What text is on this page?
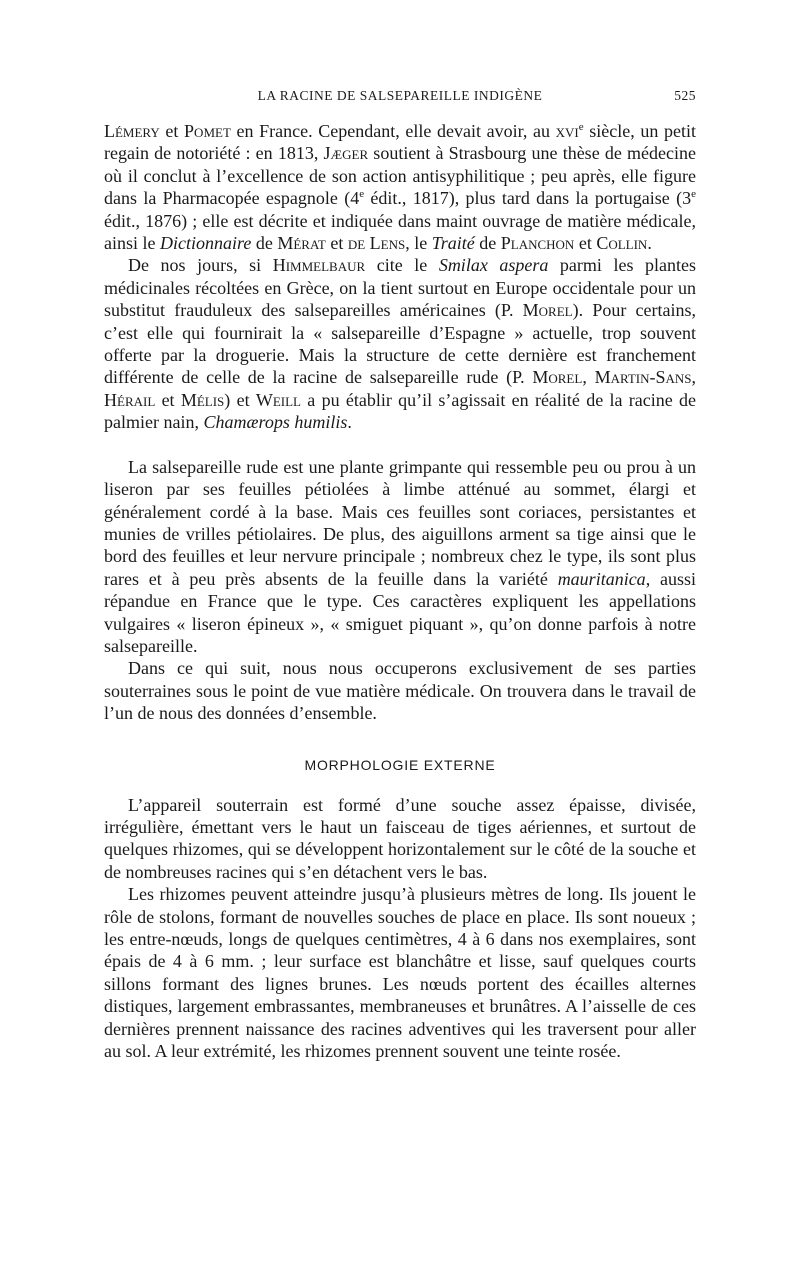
LA RACINE DE SALSEPAREILLE INDIGÈNE	525

Lémery et Pomet en France. Cependant, elle devait avoir, au xvi$^e$ siècle, un petit regain de notoriété : en 1813, Jæger soutient à Strasbourg une thèse de médecine où il conclut à l’excellence de son action antisyphilitique ; peu après, elle figure dans la Pharmacopée espagnole (4e édit., 1817), plus tard dans la portugaise (3e édit., 1876) ; elle est décrite et indiquée dans maint ouvrage de matière médicale, ainsi le Dictionnaire de Mérat et de Lens, le Traité de Planchon et Collin.

De nos jours, si Himmelbaur cite le Smilax aspera parmi les plantes médicinales récoltées en Grèce, on la tient surtout en Europe occidentale pour un substitut frauduleux des salsepareilles américaines (P. Morel). Pour certains, c’est elle qui fournirait la « salsepareille d’Espagne » actuelle, trop souvent offerte par la droguerie. Mais la structure de cette dernière est franchement différente de celle de la racine de salsepareille rude (P. Morel, Martin-Sans, Hérail et Mélis) et Weill a pu établir qu’il s’agissait en réalité de la racine de palmier nain, Chamærops humilis.

La salsepareille rude est une plante grimpante qui ressemble peu ou prou à un liseron par ses feuilles pétiolées à limbe atténué au sommet, élargi et généralement cordé à la base. Mais ces feuilles sont coriaces, persistantes et munies de vrilles pétiolaires. De plus, des aiguillons arment sa tige ainsi que le bord des feuilles et leur nervure principale ; nombreux chez le type, ils sont plus rares et à peu près absents de la feuille dans la variété mauritanica, aussi répandue en France que le type. Ces caractères expliquent les appellations vulgaires « liseron épineux », « smiguet piquant », qu’on donne parfois à notre salsepareille.

Dans ce qui suit, nous nous occuperons exclusivement de ses parties souterraines sous le point de vue matière médicale. On trouvera dans le travail de l’un de nous des données d’ensemble.

MORPHOLOGIE EXTERNE

L’appareil souterrain est formé d’une souche assez épaisse, divisée, irrégulière, émettant vers le haut un faisceau de tiges aériennes, et surtout de quelques rhizomes, qui se développent horizontalement sur le côté de la souche et de nombreuses racines qui s’en détachent vers le bas.

Les rhizomes peuvent atteindre jusqu’à plusieurs mètres de long. Ils jouent le rôle de stolons, formant de nouvelles souches de place en place. Ils sont noueux ; les entre-nœuds, longs de quelques centimètres, 4 à 6 dans nos exemplaires, sont épais de 4 à 6 mm. ; leur surface est blanchâtre et lisse, sauf quelques courts sillons formant des lignes brunes. Les nœuds portent des écailles alternes distiques, largement embrassantes, membraneuses et brunâtres. A l’aisselle de ces dernières prennent naissance des racines adventives qui les traversent pour aller au sol. A leur extrémité, les rhizomes prennent souvent une teinte rosée.
